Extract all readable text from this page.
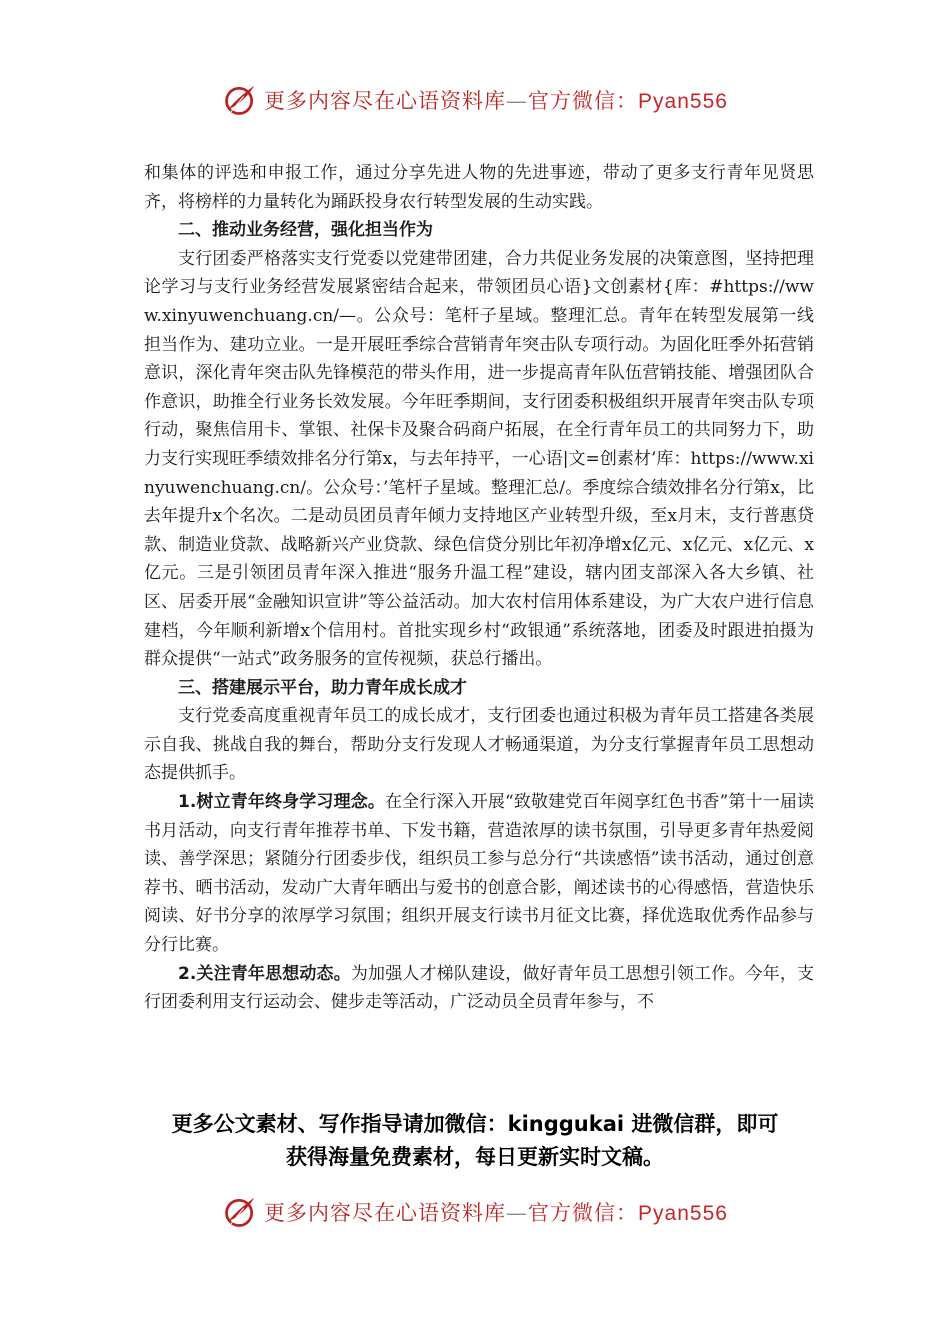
更多内容尽在心语资料库—官方微信：Pyan556

和集体的评选和申报工作，通过分享先进人物的先进事迹，带动了更多支行青年见贤思齐，将榜样的力量转化为踊跃投身农行转型发展的生动实践。

二、推动业务经营，强化担当作为

支行团委严格落实支行党委以党建带团建，合力共促业务发展的决策意图，坚持把理论学习与支行业务经营发展紧密结合起来，带领团员心语}文创素材{库：#https://www.xinyuwenchuang.cn/—。公众号：笔杆子星域。整理汇总。青年在转型发展第一线担当作为、建功立业。一是开展旺季综合营销青年突击队专项行动。为固化旺季外拓营销意识，深化青年突击队先锋模范的带头作用，进一步提高青年队伍营销技能、增强团队合作意识，助推全行业务长效发展。今年旺季期间，支行团委积极组织开展青年突击队专项行动，聚焦信用卡、掌银、社保卡及聚合码商户拓展，在全行青年员工的共同努力下，助力支行实现旺季绩效排名分行第x，与去年持平，一心语|文=创素材’库：https://www.xinyuwenchuang.cn/。公众号：’笔杆子星域。整理汇总/。季度综合绩效排名分行第x，比去年提升x个名次。二是动员团员青年倾力支持地区产业转型升级，至x月末，支行普惠贷款、制造业贷款、战略新兴产业贷款、绿色信贷分别比年初净增x亿元、x亿元、x亿元、x亿元。三是引领团员青年深入推进“服务升温工程”建设，辖内团支部深入各大乡镇、社区、居委开展“金融知识宣讲”等公益活动。加大农村信用体系建设，为广大农户进行信息建档，今年顺利新增x个信用村。首批实现乡村“政银通”系统落地，团委及时跟进拍摄为群众提供“一站式”政务服务的宣传视频，获总行播出。

三、搭建展示平台，助力青年成长成才

支行党委高度重视青年员工的成长成才，支行团委也通过积极为青年员工搭建各类展示自我、挑战自我的舞台，帮助分支行发现人才畅通渠道，为分支行掌握青年员工思想动态提供抓手。

1.树立青年终身学习理念。在全行深入开展“致敬建党百年阅享红色书香”第十一届读书月活动，向支行青年推荐书单、下发书籍，营造浓厚的读书氛围，引导更多青年热爱阅读、善学深思；紧随分行团委步伐，组织员工参与总分行“共读感悟”读书活动，通过创意荐书、晒书活动，发动广大青年晒出与爱书的创意合影，阐述读书的心得感悟，营造快乐阅读、好书分享的浓厚学习氛围；组织开展支行读书月征文比赛，择优选取优秀作品参与分行比赛。

2.关注青年思想动态。为加强人才梯队建设，做好青年员工思想引领工作。今年，支行团委利用支行运动会、健步走等活动，广泛动员全员青年参与，不

更多公文素材、写作指导请加微信：kinggukai 进微信群，即可
获得海量免费素材，每日更新实时文稿。
更多内容尽在心语资料库—官方微信：Pyan556
